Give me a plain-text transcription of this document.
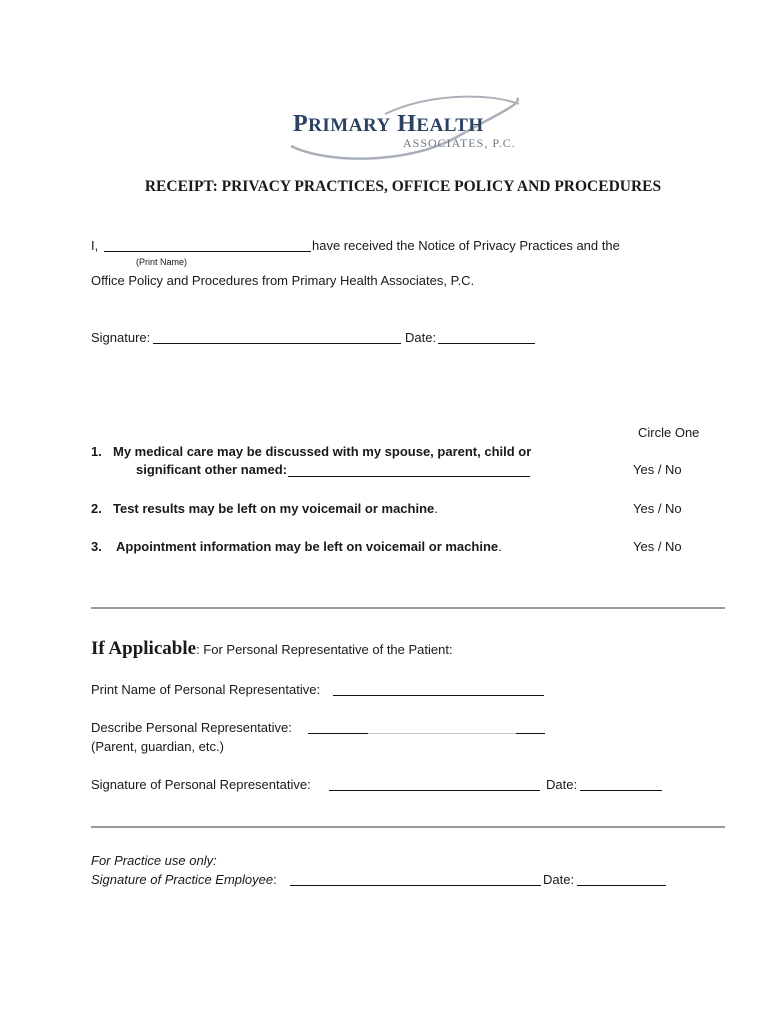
PRIMARY HEALTH
ASSOCIATES, P.C.
RECEIPT: PRIVACY PRACTICES, OFFICE POLICY AND PROCEDURES
I,	have received the Notice of Privacy Practices and the
(Print Name)
Office Policy and Procedures from Primary Health Associates, P.C.
Signature:	Date:
Circle One
1. My medical care may be discussed with my spouse, parent, child or
significant other named:	Yes / No
2. Test results may be left on my voicemail or machine.	Yes / No
3. Appointment information may be left on voicemail or machine.	Yes / No
If Applicable: For Personal Representative of the Patient:
Print Name of Personal Representative:
Describe Personal Representative:
(Parent, guardian, etc.)
Signature of Personal Representative:	Date:
For Practice use only:
Signature of Practice Employee:	Date:
